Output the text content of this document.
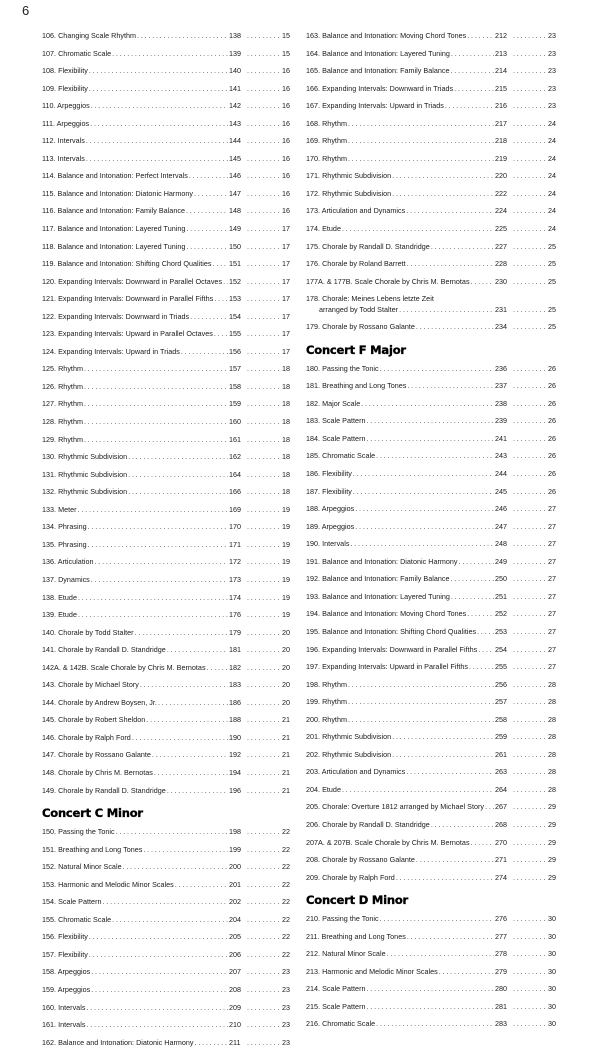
6
106. Changing Scale Rhythm . . .	138 . . .	15
107. Chromatic Scale . . .	139 . . .	15
108. Flexibility . . .	140 . . .	16
109. Flexibility . . .	141 . . .	16
110. Arpeggios . . .	142 . . .	16
111. Arpeggios . . .	143 . . .	16
112. Intervals . . .	144 . . .	16
113. Intervals . . .	145 . . .	16
114. Balance and Intonation: Perfect Intervals . . .	146 . . .	16
115. Balance and Intonation: Diatonic Harmony . . .	147 . . .	16
116. Balance and Intonation: Family Balance . . .	148 . . .	16
117. Balance and Intonation: Layered Tuning . . .	149 . . .	17
118. Balance and Intonation: Layered Tuning . . .	150 . . .	17
119. Balance and Intonation: Shifting Chord Qualities . . . 151 . . .	17
120. Expanding Intervals: Downward in Parallel Octaves . . . 152 . . .	17
121. Expanding Intervals: Downward in Parallel Fifths . . . 153 . . .	17
122. Expanding Intervals: Downward in Triads . . .	154 . . .	17
123. Expanding Intervals: Upward in Parallel Octaves . . . 155 . . .	17
124. Expanding Intervals: Upward in Triads . . .	156 . . .	17
125. Rhythm . . .	157 . . .	18
126. Rhythm . . .	158 . . .	18
127. Rhythm . . .	159 . . .	18
128. Rhythm . . .	160 . . .	18
129. Rhythm . . .	161 . . .	18
130. Rhythmic Subdivision . . .	162 . . .	18
131. Rhythmic Subdivision . . .	164 . . .	18
132. Rhythmic Subdivision . . .	166 . . .	18
133. Meter . . .	169 . . .	19
134. Phrasing . . .	170 . . .	19
135. Phrasing . . .	171 . . .	19
136. Articulation . . .	172 . . .	19
137. Dynamics . . .	173 . . .	19
138. Etude . . .	174 . . .	19
139. Etude . . .	176 . . .	19
140. Chorale by Todd Stalter . . .	179 . . .	20
141. Chorale by Randall D. Standridge . . .	181 . . .	20
142A. & 142B. Scale Chorale by Chris M. Bernotas . . .	182 . . .	20
143. Chorale by Michael Story . . .	183 . . .	20
144. Chorale by Andrew Boysen, Jr. . . .	186 . . .	20
145. Chorale by Robert Sheldon . . .	188 . . .	21
146. Chorale by Ralph Ford . . .	190 . . .	21
147. Chorale by Rossano Galante . . .	192 . . .	21
148. Chorale by Chris M. Bernotas . . .	194 . . .	21
149. Chorale by Randall D. Standridge . . .	196 . . .	21
Concert C Minor
150. Passing the Tonic . . .	198 . . .	22
151. Breathing and Long Tones . . .	199 . . .	22
152. Natural Minor Scale . . .	200 . . .	22
153. Harmonic and Melodic Minor Scales . . .	201 . . .	22
154. Scale Pattern . . .	202 . . .	22
155. Chromatic Scale . . .	204 . . .	22
156. Flexibility . . .	205 . . .	22
157. Flexibility . . .	206 . . .	22
158. Arpeggios . . .	207 . . .	23
159. Arpeggios . . .	208 . . .	23
160. Intervals . . .	209 . . .	23
161. Intervals . . .	210 . . .	23
162. Balance and Intonation: Diatonic Harmony . . .	211 . . .	23
163. Balance and Intonation: Moving Chord Tones . . .	212 . . .	23
164. Balance and Intonation: Layered Tuning . . .	213 . . .	23
165. Balance and Intonation: Family Balance . . .	214 . . .	23
166. Expanding Intervals: Downward in Triads . . .	215 . . .	23
167. Expanding Intervals: Upward in Triads . . .	216 . . .	23
168. Rhythm . . .	217 . . .	24
169. Rhythm . . .	218 . . .	24
170. Rhythm . . .	219 . . .	24
171. Rhythmic Subdivision . . .	220 . . .	24
172. Rhythmic Subdivision . . .	222 . . .	24
173. Articulation and Dynamics . . .	224 . . .	24
174. Etude . . .	225 . . .	24
175. Chorale by Randall D. Standridge . . .	227 . . .	25
176. Chorale by Roland Barrett . . .	228 . . .	25
177A. & 177B. Scale Chorale by Chris M. Bernotas . . .	230 . . .	25
178. Chorale: Meines Lebens letzte Zeit
arranged by Todd Stalter . . .	231 . . .	25
179. Chorale by Rossano Galante . . .	234 . . .	25
Concert F Major
180. Passing the Tonic . . .	236 . . .	26
181. Breathing and Long Tones . . .	237 . . .	26
182. Major Scale . . .	238 . . .	26
183. Scale Pattern . . .	239 . . .	26
184. Scale Pattern . . .	241 . . .	26
185. Chromatic Scale . . .	243 . . .	26
186. Flexibility . . .	244 . . .	26
187. Flexibility . . .	245 . . .	26
188. Arpeggios . . .	246 . . .	27
189. Arpeggios . . .	247 . . .	27
190. Intervals . . .	248 . . .	27
191. Balance and Intonation: Diatonic Harmony . . .	249 . . .	27
192. Balance and Intonation: Family Balance . . .	250 . . .	27
193. Balance and Intonation: Layered Tuning . . .	251 . . .	27
194. Balance and Intonation: Moving Chord Tones . . .	252 . . .	27
195. Balance and Intonation: Shifting Chord Qualities . . .	253 . . .	27
196. Expanding Intervals: Downward in Parallel Fifths . . . 254 . . .	27
197. Expanding Intervals: Upward in Parallel Fifths . . .	255 . . .	27
198. Rhythm . . .	256 . . .	28
199. Rhythm . . .	257 . . .	28
200. Rhythm . . .	258 . . .	28
201. Rhythmic Subdivision . . .	259 . . .	28
202. Rhythmic Subdivision . . .	261 . . .	28
203. Articulation and Dynamics . . .	263 . . .	28
204. Etude . . .	264 . . .	28
205. Chorale: Overture 1812 arranged by Michael Story . . . 267 . . .	29
206. Chorale by Randall D. Standridge . . .	268 . . .	29
207A. & 207B. Scale Chorale by Chris M. Bernotas . . .	270 . . .	29
208. Chorale by Rossano Galante . . .	271 . . .	29
209. Chorale by Ralph Ford . . .	274 . . .	29
Concert D Minor
210. Passing the Tonic . . .	276 . . .	30
211. Breathing and Long Tones . . .	277 . . .	30
212. Natural Minor Scale . . .	278 . . .	30
213. Harmonic and Melodic Minor Scales . . .	279 . . .	30
214. Scale Pattern . . .	280 . . .	30
215. Scale Pattern . . .	281 . . .	30
216. Chromatic Scale . . .	283 . . .	30
